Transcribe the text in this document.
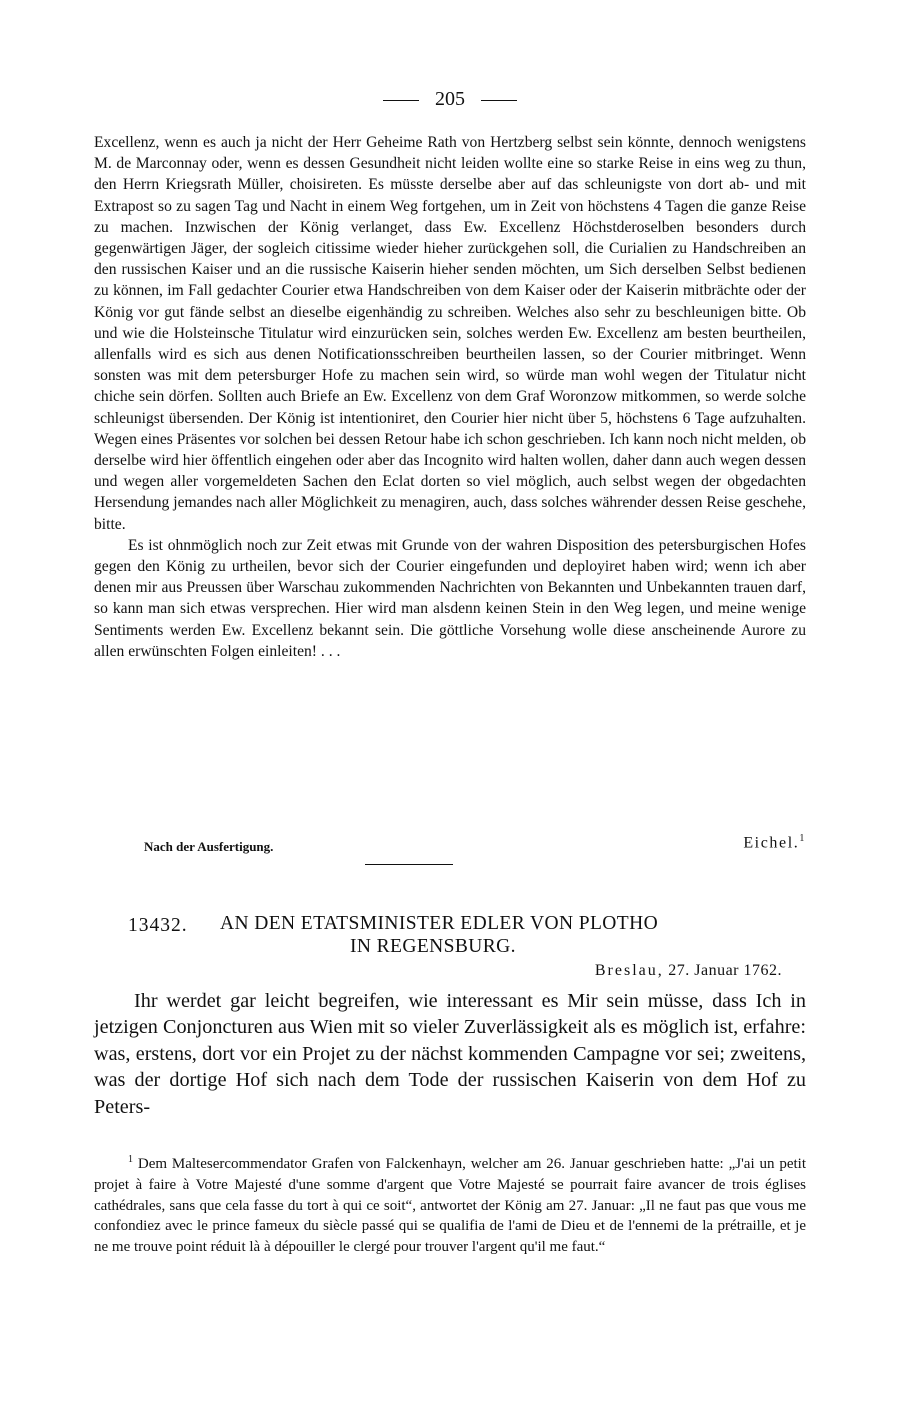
205

Excellenz, wenn es auch ja nicht der Herr Geheime Rath von Hertzberg selbst sein könnte, dennoch wenigstens M. de Marconnay oder, wenn es dessen Gesundheit nicht leiden wollte eine so starke Reise in eins weg zu thun, den Herrn Kriegsrath Müller, choisireten. Es müsste derselbe aber auf das schleunigste von dort ab- und mit Extrapost so zu sagen Tag und Nacht in einem Weg fortgehen, um in Zeit von höchstens 4 Tagen die ganze Reise zu machen. Inzwischen der König verlanget, dass Ew. Excellenz Höchstderoselben besonders durch gegenwärtigen Jäger, der sogleich citissime wieder hieher zurückgehen soll, die Curialien zu Handschreiben an den russischen Kaiser und an die russische Kaiserin hieher senden möchten, um Sich derselben Selbst bedienen zu können, im Fall gedachter Courier etwa Handschreiben von dem Kaiser oder der Kaiserin mitbrächte oder der König vor gut fände selbst an dieselbe eigenhändig zu schreiben. Welches also sehr zu beschleunigen bitte. Ob und wie die Holsteinsche Titulatur wird einzurücken sein, solches werden Ew. Excellenz am besten beurtheilen, allenfalls wird es sich aus denen Notificationsschreiben beurtheilen lassen, so der Courier mitbringet. Wenn sonsten was mit dem petersburger Hofe zu machen sein wird, so würde man wohl wegen der Titulatur nicht chiche sein dörfen. Sollten auch Briefe an Ew. Excellenz von dem Graf Woronzow mitkommen, so werde solche schleunigst übersenden. Der König ist intentioniret, den Courier hier nicht über 5, höchstens 6 Tage aufzuhalten. Wegen eines Präsentes vor solchen bei dessen Retour habe ich schon geschrieben. Ich kann noch nicht melden, ob derselbe wird hier öffentlich eingehen oder aber das Incognito wird halten wollen, daher dann auch wegen dessen und wegen aller vorgemeldeten Sachen den Eclat dorten so viel möglich, auch selbst wegen der obgedachten Hersendung jemandes nach aller Möglichkeit zu menagiren, auch, dass solches währender dessen Reise geschehe, bitte.

Es ist ohnmöglich noch zur Zeit etwas mit Grunde von der wahren Disposition des petersburgischen Hofes gegen den König zu urtheilen, bevor sich der Courier eingefunden und deployiret haben wird; wenn ich aber denen mir aus Preussen über Warschau zukommenden Nachrichten von Bekannten und Unbekannten trauen darf, so kann man sich etwas versprechen. Hier wird man alsdenn keinen Stein in den Weg legen, und meine wenige Sentiments werden Ew. Excellenz bekannt sein. Die göttliche Vorsehung wolle diese anscheinende Aurore zu allen erwünschten Folgen einleiten! . . .

Nach der Ausfertigung.	Eichel.$^1$
13432. AN DEN ETATSMINISTER EDLER VON PLOTHO
IN REGENSBURG.
Breslau, 27. Januar 1762.

Ihr werdet gar leicht begreifen, wie interessant es Mir sein müsse, dass Ich in jetzigen Conjoncturen aus Wien mit so vieler Zuverlässigkeit als es möglich ist, erfahre: was, erstens, dort vor ein Projet zu der nächst kommenden Campagne vor sei; zweitens, was der dortige Hof sich nach dem Tode der russischen Kaiserin von dem Hof zu Peters-

$^1$ Dem Maltesercommendator Grafen von Falckenhayn, welcher am 26. Januar geschrieben hatte: „J'ai un petit projet à faire à Votre Majesté d'une somme d'argent que Votre Majesté se pourrait faire avancer de trois églises cathédrales, sans que cela fasse du tort à qui ce soit“, antwortet der König am 27. Januar: „Il ne faut pas que vous me confondiez avec le prince fameux du siècle passé qui se qualifia de l'ami de Dieu et de l'ennemi de la prétraille, et je ne me trouve point réduit là à dépouiller le clergé pour trouver l'argent qu'il me faut.“
